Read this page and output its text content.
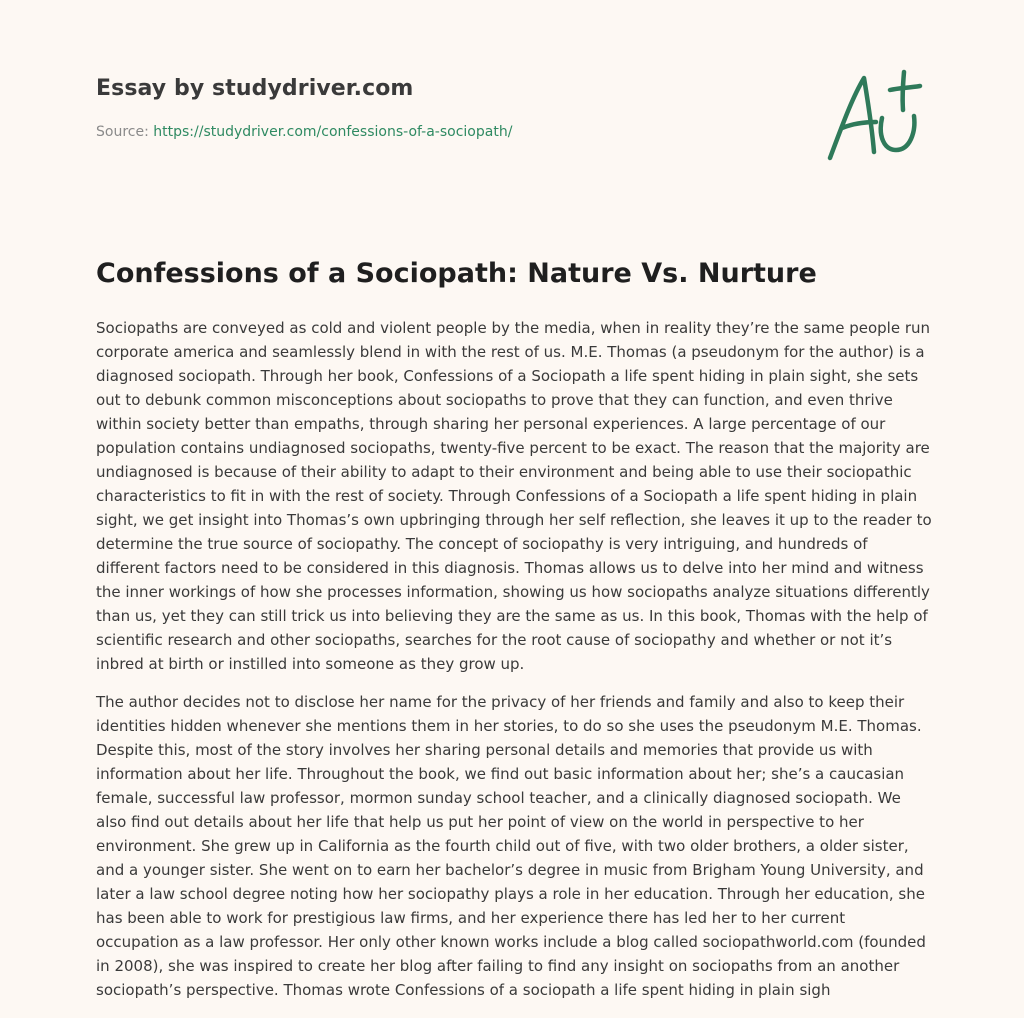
Essay by studydriver.com
Source: https://studydriver.com/confessions-of-a-sociopath/
Confessions of a Sociopath: Nature Vs. Nurture

Sociopaths are conveyed as cold and violent people by the media, when in reality they’re the same people run corporate america and seamlessly blend in with the rest of us. M.E. Thomas (a pseudonym for the author) is a diagnosed sociopath. Through her book, Confessions of a Sociopath a life spent hiding in plain sight, she sets out to debunk common misconceptions about sociopaths to prove that they can function, and even thrive within society better than empaths, through sharing her personal experiences. A large percentage of our population contains undiagnosed sociopaths, twenty-five percent to be exact. The reason that the majority are undiagnosed is because of their ability to adapt to their environment and being able to use their sociopathic characteristics to fit in with the rest of society. Through Confessions of a Sociopath a life spent hiding in plain sight, we get insight into Thomas’s own upbringing through her self reflection, she leaves it up to the reader to determine the true source of sociopathy. The concept of sociopathy is very intriguing, and hundreds of different factors need to be considered in this diagnosis. Thomas allows us to delve into her mind and witness the inner workings of how she processes information, showing us how sociopaths analyze situations differently than us, yet they can still trick us into believing they are the same as us. In this book, Thomas with the help of scientific research and other sociopaths, searches for the root cause of sociopathy and whether or not it’s inbred at birth or instilled into someone as they grow up.

The author decides not to disclose her name for the privacy of her friends and family and also to keep their identities hidden whenever she mentions them in her stories, to do so she uses the pseudonym M.E. Thomas. Despite this, most of the story involves her sharing personal details and memories that provide us with information about her life. Throughout the book, we find out basic information about her; she’s a caucasian female, successful law professor, mormon sunday school teacher, and a clinically diagnosed sociopath. We also find out details about her life that help us put her point of view on the world in perspective to her environment. She grew up in California as the fourth child out of five, with two older brothers, a older sister, and a younger sister. She went on to earn her bachelor’s degree in music from Brigham Young University, and later a law school degree noting how her sociopathy plays a role in her education. Through her education, she has been able to work for prestigious law firms, and her experience there has led her to her current occupation as a law professor. Her only other known works include a blog called sociopathworld.com (founded in 2008), she was inspired to create her blog after failing to find any insight on sociopaths from an another sociopath’s perspective. Thomas wrote Confessions of a sociopath a life spent hiding in plain sigh
